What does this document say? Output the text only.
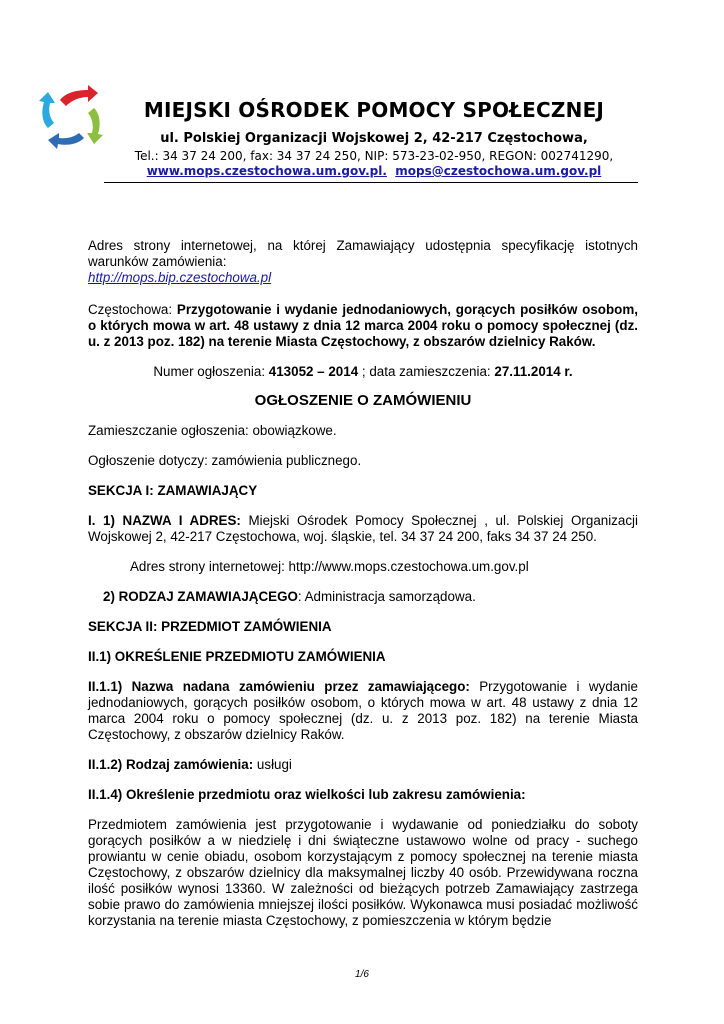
MIEJSKI OŚRODEK POMOCY SPOŁECZNEJ
ul. Polskiej Organizacji Wojskowej 2, 42-217 Częstochowa,
Tel.: 34 37 24 200, fax: 34 37 24 250, NIP: 573-23-02-950, REGON: 002741290,
www.mops.czestochowa.um.gov.pl. mops@czestochowa.um.gov.pl

Adres strony internetowej, na której Zamawiający udostępnia specyfikację istotnych warunków zamówienia:

http://mops.bip.czestochowa.pl

Częstochowa: Przygotowanie i wydanie jednodaniowych, gorących posiłków osobom, o których mowa w art. 48 ustawy z dnia 12 marca 2004 roku o pomocy społecznej (dz. u. z 2013 poz. 182) na terenie Miasta Częstochowy, z obszarów dzielnicy Raków.

Numer ogłoszenia: 413052 – 2014 ; data zamieszczenia: 27.11.2014 r.

OGŁOSZENIE O ZAMÓWIENIU

Zamieszczanie ogłoszenia: obowiązkowe.

Ogłoszenie dotyczy: zamówienia publicznego.

SEKCJA I: ZAMAWIAJĄCY

I. 1) NAZWA I ADRES: Miejski Ośrodek Pomocy Społecznej , ul. Polskiej Organizacji Wojskowej 2, 42-217 Częstochowa, woj. śląskie, tel. 34 37 24 200, faks 34 37 24 250.

Adres strony internetowej: http://www.mops.czestochowa.um.gov.pl

2) RODZAJ ZAMAWIAJĄCEGO: Administracja samorządowa.

SEKCJA II: PRZEDMIOT ZAMÓWIENIA

II.1) OKREŚLENIE PRZEDMIOTU ZAMÓWIENIA

II.1.1) Nazwa nadana zamówieniu przez zamawiającego: Przygotowanie i wydanie jednodaniowych, gorących posiłków osobom, o których mowa w art. 48 ustawy z dnia 12 marca 2004 roku o pomocy społecznej (dz. u. z 2013 poz. 182) na terenie Miasta Częstochowy, z obszarów dzielnicy Raków.

II.1.2) Rodzaj zamówienia: usługi

II.1.4) Określenie przedmiotu oraz wielkości lub zakresu zamówienia:

Przedmiotem zamówienia jest przygotowanie i wydawanie od poniedziałku do soboty gorących posiłków a w niedzielę i dni świąteczne ustawowo wolne od pracy - suchego prowiantu w cenie obiadu, osobom korzystającym z pomocy społecznej na terenie miasta Częstochowy, z obszarów dzielnicy dla maksymalnej liczby 40 osób. Przewidywana roczna ilość posiłków wynosi 13360. W zależności od bieżących potrzeb Zamawiający zastrzega sobie prawo do zamówienia mniejszej ilości posiłków. Wykonawca musi posiadać możliwość korzystania na terenie miasta Częstochowy, z pomieszczenia w którym będzie

1/6
